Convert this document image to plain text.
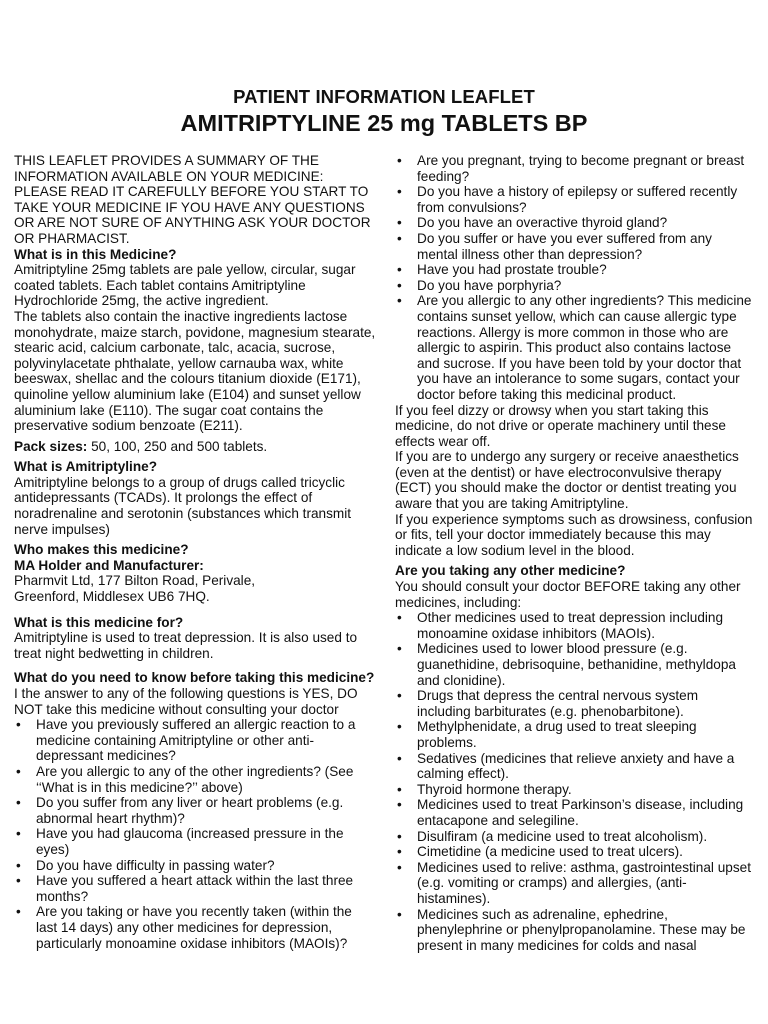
PATIENT INFORMATION LEAFLET
AMITRIPTYLINE 25 mg TABLETS BP

THIS LEAFLET PROVIDES A SUMMARY OF THE INFORMATION AVAILABLE ON YOUR MEDICINE: PLEASE READ IT CAREFULLY BEFORE YOU START TO TAKE YOUR MEDICINE IF YOU HAVE ANY QUESTIONS OR ARE NOT SURE OF ANYTHING ASK YOUR DOCTOR OR PHARMACIST.

What is in this Medicine?

Amitriptyline 25mg tablets are pale yellow, circular, sugar coated tablets. Each tablet contains Amitriptyline Hydrochloride 25mg, the active ingredient.

The tablets also contain the inactive ingredients lactose monohydrate, maize starch, povidone, magnesium stearate, stearic acid, calcium carbonate, talc, acacia, sucrose, polyvinylacetate phthalate, yellow carnauba wax, white beeswax, shellac and the colours titanium dioxide (E171), quinoline yellow aluminium lake (E104) and sunset yellow aluminium lake (E110). The sugar coat contains the preservative sodium benzoate (E211).

Pack sizes: 50, 100, 250 and 500 tablets.

What is Amitriptyline?

Amitriptyline belongs to a group of drugs called tricyclic antidepressants (TCADs). It prolongs the effect of noradrenaline and serotonin (substances which transmit nerve impulses)

Who makes this medicine?

MA Holder and Manufacturer:

Pharmvit Ltd, 177 Bilton Road, Perivale,

Greenford, Middlesex UB6 7HQ.

What is this medicine for?

Amitriptyline is used to treat depression. It is also used to treat night bedwetting in children.

What do you need to know before taking this medicine?

I the answer to any of the following questions is YES, DO NOT take this medicine without consulting your doctor

• Have you previously suffered an allergic reaction to a medicine containing Amitriptyline or other anti-depressant medicines?
• Are you allergic to any of the other ingredients? (See ‘‘What is in this medicine?’’ above)
• Do you suffer from any liver or heart problems (e.g. abnormal heart rhythm)?
• Have you had glaucoma (increased pressure in the eyes)
• Do you have difficulty in passing water?
• Have you suffered a heart attack within the last three months?
• Are you taking or have you recently taken (within the last 14 days) any other medicines for depression, particularly monoamine oxidase inhibitors (MAOIs)?
• Are you pregnant, trying to become pregnant or breast feeding?
• Do you have a history of epilepsy or suffered recently from convulsions?
• Do you have an overactive thyroid gland?
• Do you suffer or have you ever suffered from any mental illness other than depression?
• Have you had prostate trouble?
• Do you have porphyria?
• Are you allergic to any other ingredients? This medicine contains sunset yellow, which can cause allergic type reactions. Allergy is more common in those who are allergic to aspirin. This product also contains lactose and sucrose. If you have been told by your doctor that you have an intolerance to some sugars, contact your doctor before taking this medicinal product.

If you feel dizzy or drowsy when you start taking this medicine, do not drive or operate machinery until these effects wear off.

If you are to undergo any surgery or receive anaesthetics (even at the dentist) or have electroconvulsive therapy (ECT) you should make the doctor or dentist treating you aware that you are taking Amitriptyline.

If you experience symptoms such as drowsiness, confusion or fits, tell your doctor immediately because this may indicate a low sodium level in the blood.

Are you taking any other medicine?

You should consult your doctor BEFORE taking any other medicines, including:

• Other medicines used to treat depression including monoamine oxidase inhibitors (MAOIs).
• Medicines used to lower blood pressure (e.g. guanethidine, debrisoquine, bethanidine, methyldopa and clonidine).
• Drugs that depress the central nervous system including barbiturates (e.g. phenobarbitone).
• Methylphenidate, a drug used to treat sleeping problems.
• Sedatives (medicines that relieve anxiety and have a calming effect).
• Thyroid hormone therapy.
• Medicines used to treat Parkinson’s disease, including entacapone and selegiline.
• Disulfiram (a medicine used to treat alcoholism).
• Cimetidine (a medicine used to treat ulcers).
• Medicines used to relive: asthma, gastrointestinal upset (e.g. vomiting or cramps) and allergies, (anti-histamines).
• Medicines such as adrenaline, ephedrine, phenylephrine or phenylpropanolamine. These may be present in many medicines for colds and nasal
